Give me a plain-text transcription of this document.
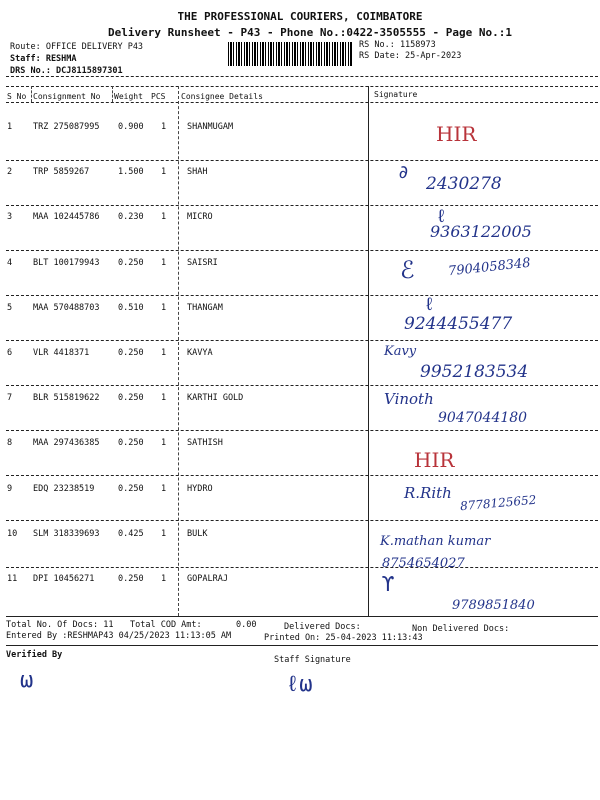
THE PROFESSIONAL COURIERS, COIMBATORE
Delivery Runsheet - P43 - Phone No.:0422-3505555 - Page No.:1
Route: OFFICE DELIVERY P43
Staff: RESHMA
DRS No.: DCJ8115897301
RS No.: 1158973
RS Date: 25-Apr-2023
S No Consignment No Weight PCS Consignee Details	Signature
1 TRZ 275087995 0.900 1 SHANMUGAM	HIR
2 TRP 5859267	1.500 1 SHAH	∂
2430278
3 MAA 102445786 0.230 1 MICRO	ℓ
9363122005
4 BLT 100179943 0.250 1 SAISRI	ℰ	7904058348
5 MAA 570488703 0.510 1 THANGAM	ℓ
9244455477
6 VLR 4418371	0.250 1 KAVYA	Kavy
9952183534
7 BLR 515819622 0.250 1 KARTHI GOLD	Vinoth
9047044180
8 MAA 297436385 0.250 1 SATHISH
HIR
9 EDQ 23238519	0.250 1 HYDRO	R.Rith 8778125652
10 SLM 318339693 0.425 1 BULK	K.mathan kumar
8754654027
11 DPI 10456271	0.250 1 GOPALRAJ	ϒ
9789851840
Total No. Of Docs: 11 Total COD Amt:	0.00	Delivered Docs:	Non Delivered Docs:
Entered By :RESHMAP43 04/25/2023 11:13:05 AM	Printed On: 25-04-2023 11:13:43
Verified By	Staff Signature
ω	ℓω
